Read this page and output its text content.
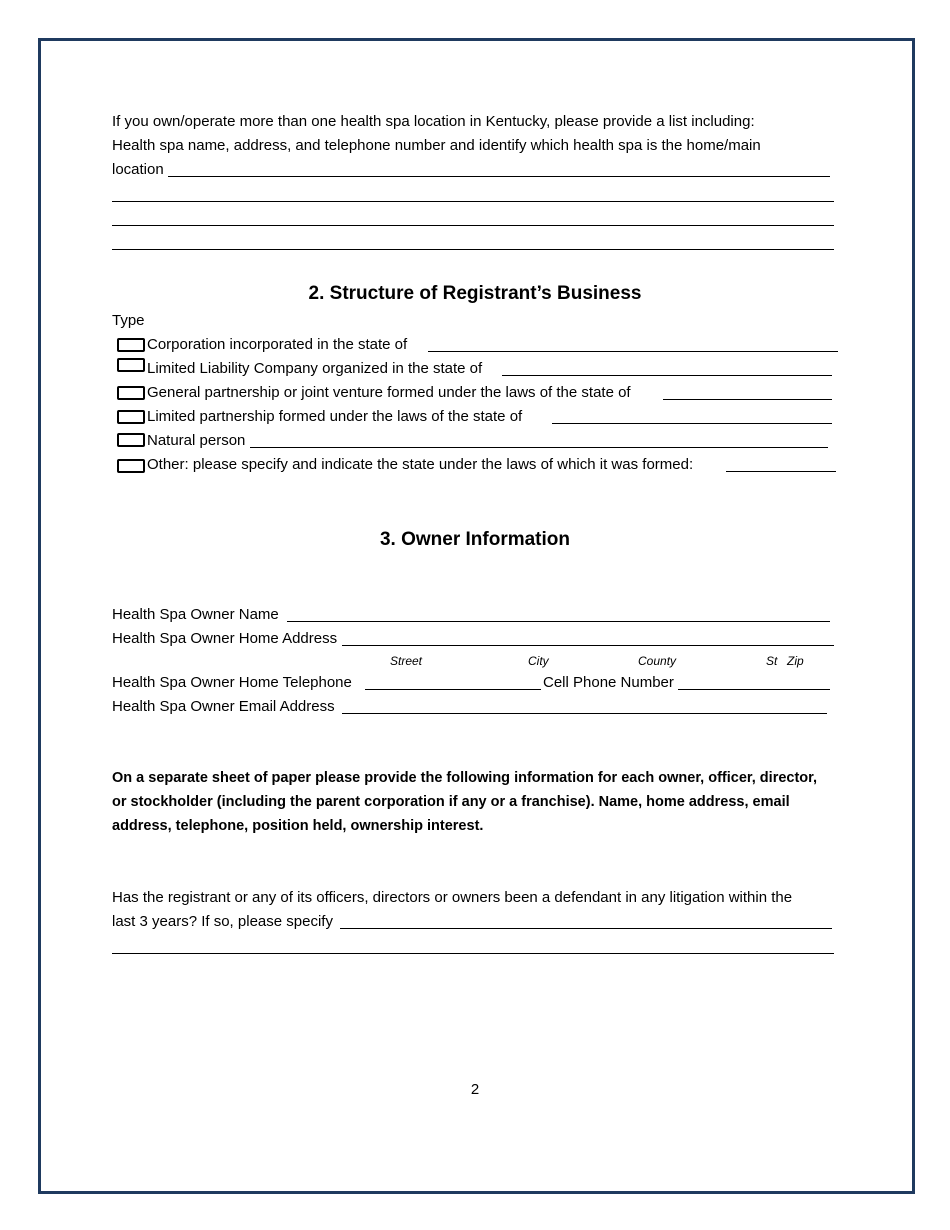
If you own/operate more than one health spa location in Kentucky, please provide a list including:
Health spa name, address, and telephone number and identify which health spa is the home/main
location
2. Structure of Registrant’s Business
Type
Corporation incorporated in the state of
Limited Liability Company organized in the state of
General partnership or joint venture formed under the laws of the state of
Limited partnership formed under the laws of the state of
Natural person
Other: please specify and indicate the state under the laws of which it was formed:
3. Owner Information
Health Spa Owner Name
Health Spa Owner Home Address
Street	City	County	St Zip
Health Spa Owner Home Telephone	Cell Phone Number
Health Spa Owner Email Address
On a separate sheet of paper please provide the following information for each owner, officer, director,
or stockholder (including the parent corporation if any or a franchise). Name, home address, email
address, telephone, position held, ownership interest.
Has the registrant or any of its officers, directors or owners been a defendant in any litigation within the
last 3 years? If so, please specify
2
